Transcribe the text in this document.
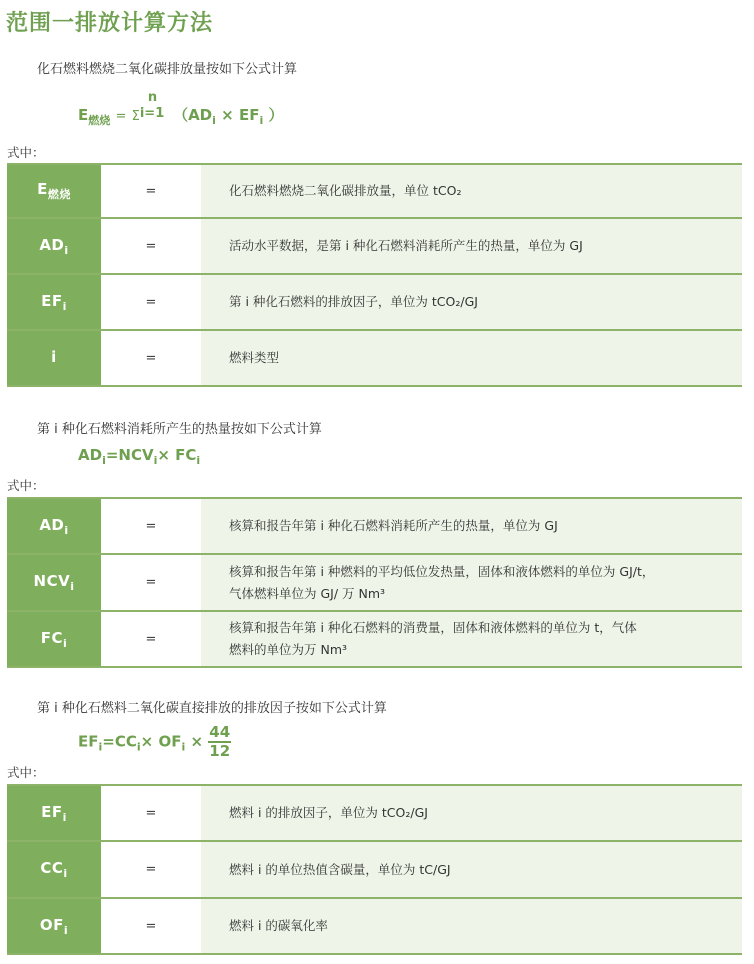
范围一排放计算方法
化石燃料燃烧二氧化碳排放量按如下公式计算
$E_{燃烧} = \Sigma$
n
i=1 （$AD_i \times EF_i$ ）
式中：
$E_{燃烧}$	=	化石燃料燃烧二氧化碳排放量，单位 tCO₂
$AD_i$	=	活动水平数据，是第 i 种化石燃料消耗所产生的热量，单位为 GJ
$EF_i$	=	第 i 种化石燃料的排放因子，单位为 tCO₂/GJ
i	=	燃料类型
第 i 种化石燃料消耗所产生的热量按如下公式计算
$AD_i=NCV_i\times FC_i$
式中：
$AD_i$	=	核算和报告年第 i 种化石燃料消耗所产生的热量，单位为 GJ
$NCV_i$	=	核算和报告年第 i 种燃料的平均低位发热量，固体和液体燃料的单位为 GJ/t，
气体燃料单位为 GJ/ 万 Nm³

$FC_i$	=	核算和报告年第 i 种化石燃料的消费量，固体和液体燃料的单位为 t，气体
燃料的单位为万 Nm³
第 i 种化石燃料二氧化碳直接排放的排放因子按如下公式计算
$EF_i=CC_i\times OF_i \times \frac{44}{12}$
式中：
$EF_i$	=	燃料 i 的排放因子，单位为 tCO₂/GJ
$CC_i$	=	燃料 i 的单位热值含碳量，单位为 tC/GJ
$OF_i$	=	燃料 i 的碳氧化率
